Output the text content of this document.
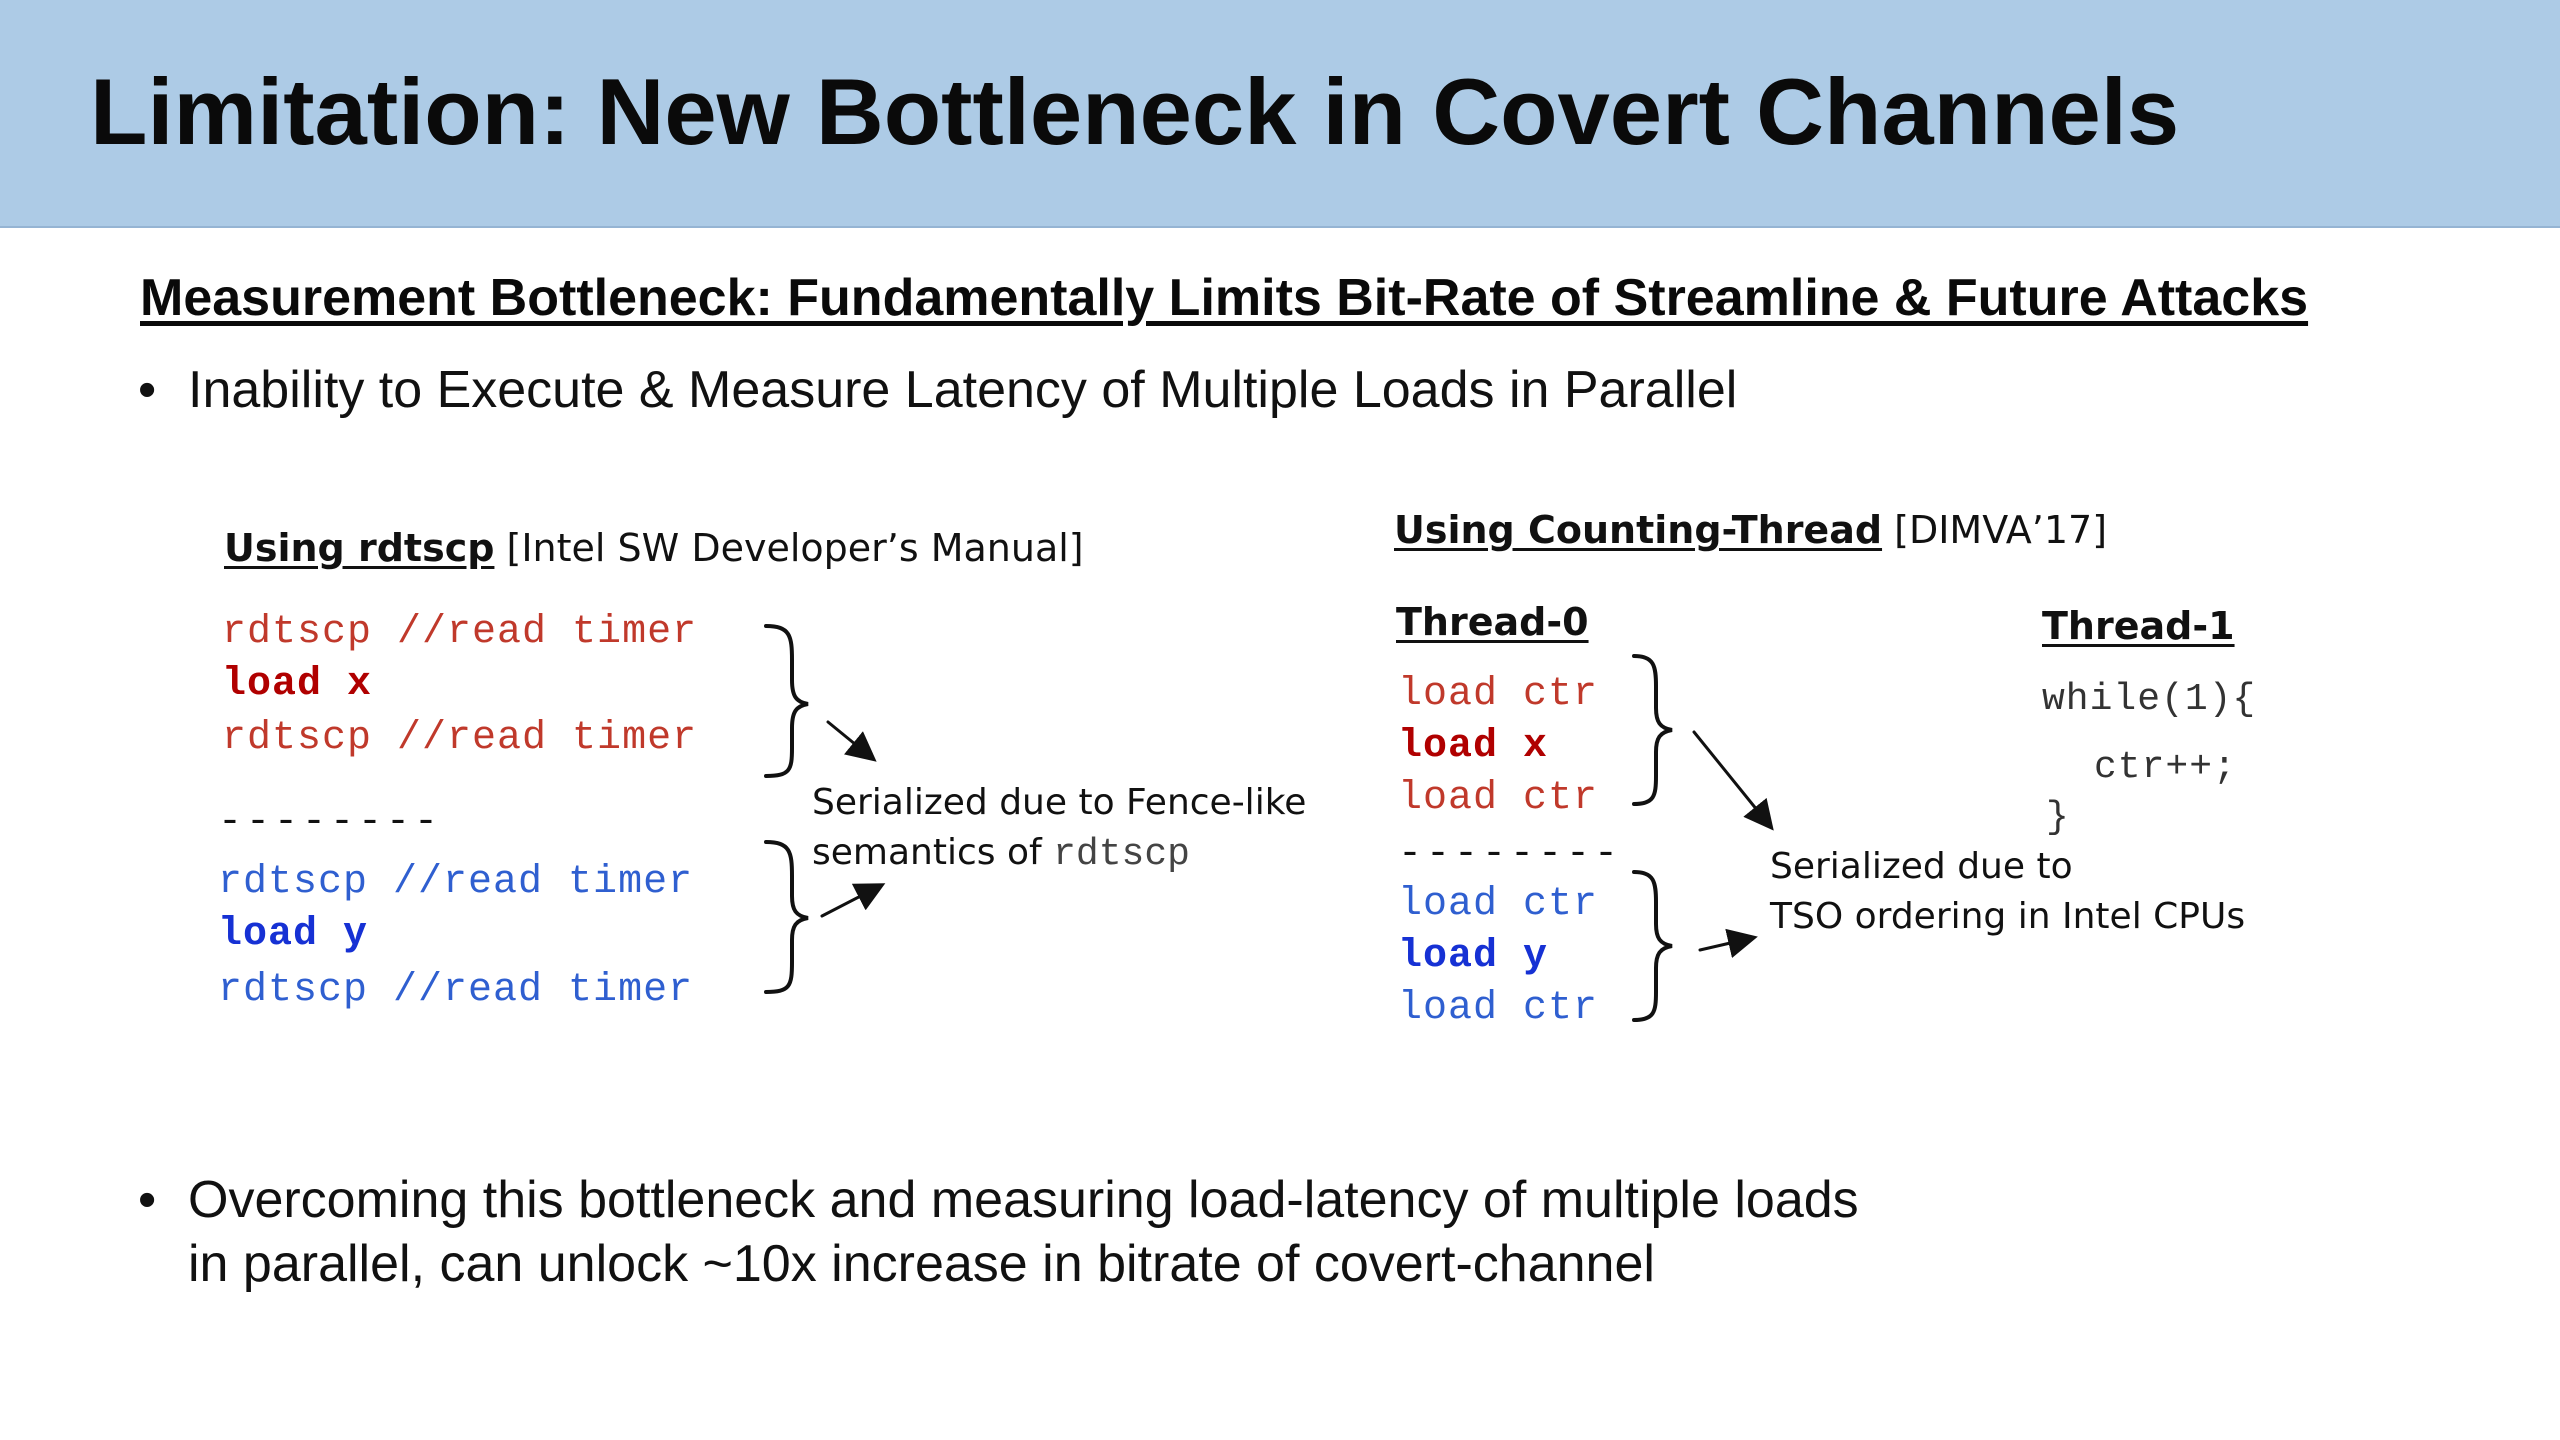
Limitation: New Bottleneck in Covert Channels
Measurement Bottleneck: Fundamentally Limits Bit-Rate of Streamline & Future Attacks
• Inability to Execute & Measure Latency of Multiple Loads in Parallel
Using rdtscp [Intel SW Developer’s Manual]
rdtscp //read timer
load x
rdtscp //read timer
--------
rdtscp //read timer
load y
rdtscp //read timer
Serialized due to Fence-like
semantics of rdtscp
Using Counting-Thread [DIMVA’17]
Thread-0
load ctr
load x
load ctr
--------
load ctr
load y
load ctr
Thread-1
while(1){
ctr++;
}
Serialized due to
TSO ordering in Intel CPUs
• Overcoming this bottleneck and measuring load-latency of multiple loads
in parallel, can unlock ~10x increase in bitrate of covert-channel
